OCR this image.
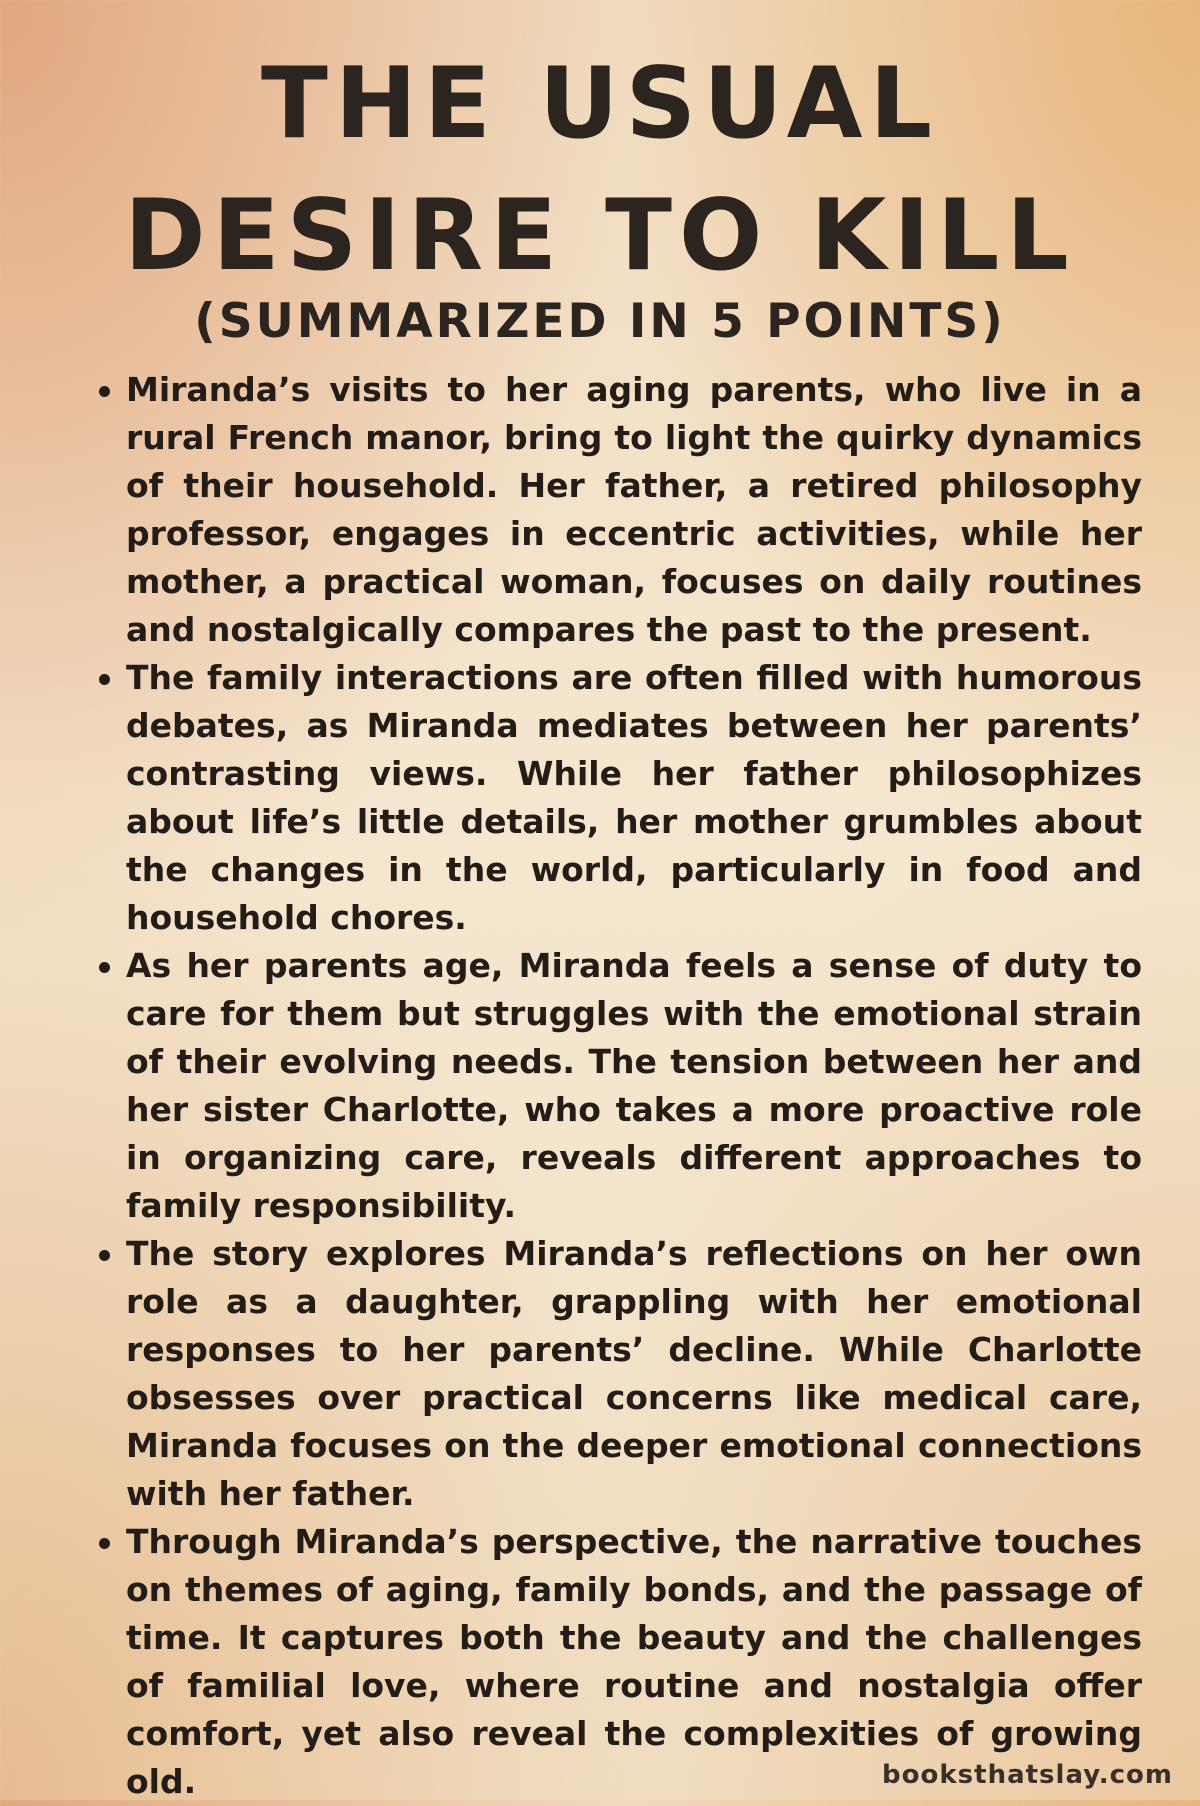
THE USUAL DESIRE TO KILL
(SUMMARIZED IN 5 POINTS)
Miranda’s visits to her aging parents, who live in a rural French manor, bring to light the quirky dynamics of their household. Her father, a retired philosophy professor, engages in eccentric activities, while her mother, a practical woman, focuses on daily routines and nostalgically compares the past to the present.
The family interactions are often filled with humorous debates, as Miranda mediates between her parents’ contrasting views. While her father philosophizes about life’s little details, her mother grumbles about the changes in the world, particularly in food and household chores.
As her parents age, Miranda feels a sense of duty to care for them but struggles with the emotional strain of their evolving needs. The tension between her and her sister Charlotte, who takes a more proactive role in organizing care, reveals different approaches to family responsibility.
The story explores Miranda’s reflections on her own role as a daughter, grappling with her emotional responses to her parents’ decline. While Charlotte obsesses over practical concerns like medical care, Miranda focuses on the deeper emotional connections with her father.
Through Miranda’s perspective, the narrative touches on themes of aging, family bonds, and the passage of time. It captures both the beauty and the challenges of familial love, where routine and nostalgia offer comfort, yet also reveal the complexities of growing old.	booksthatslay.com
